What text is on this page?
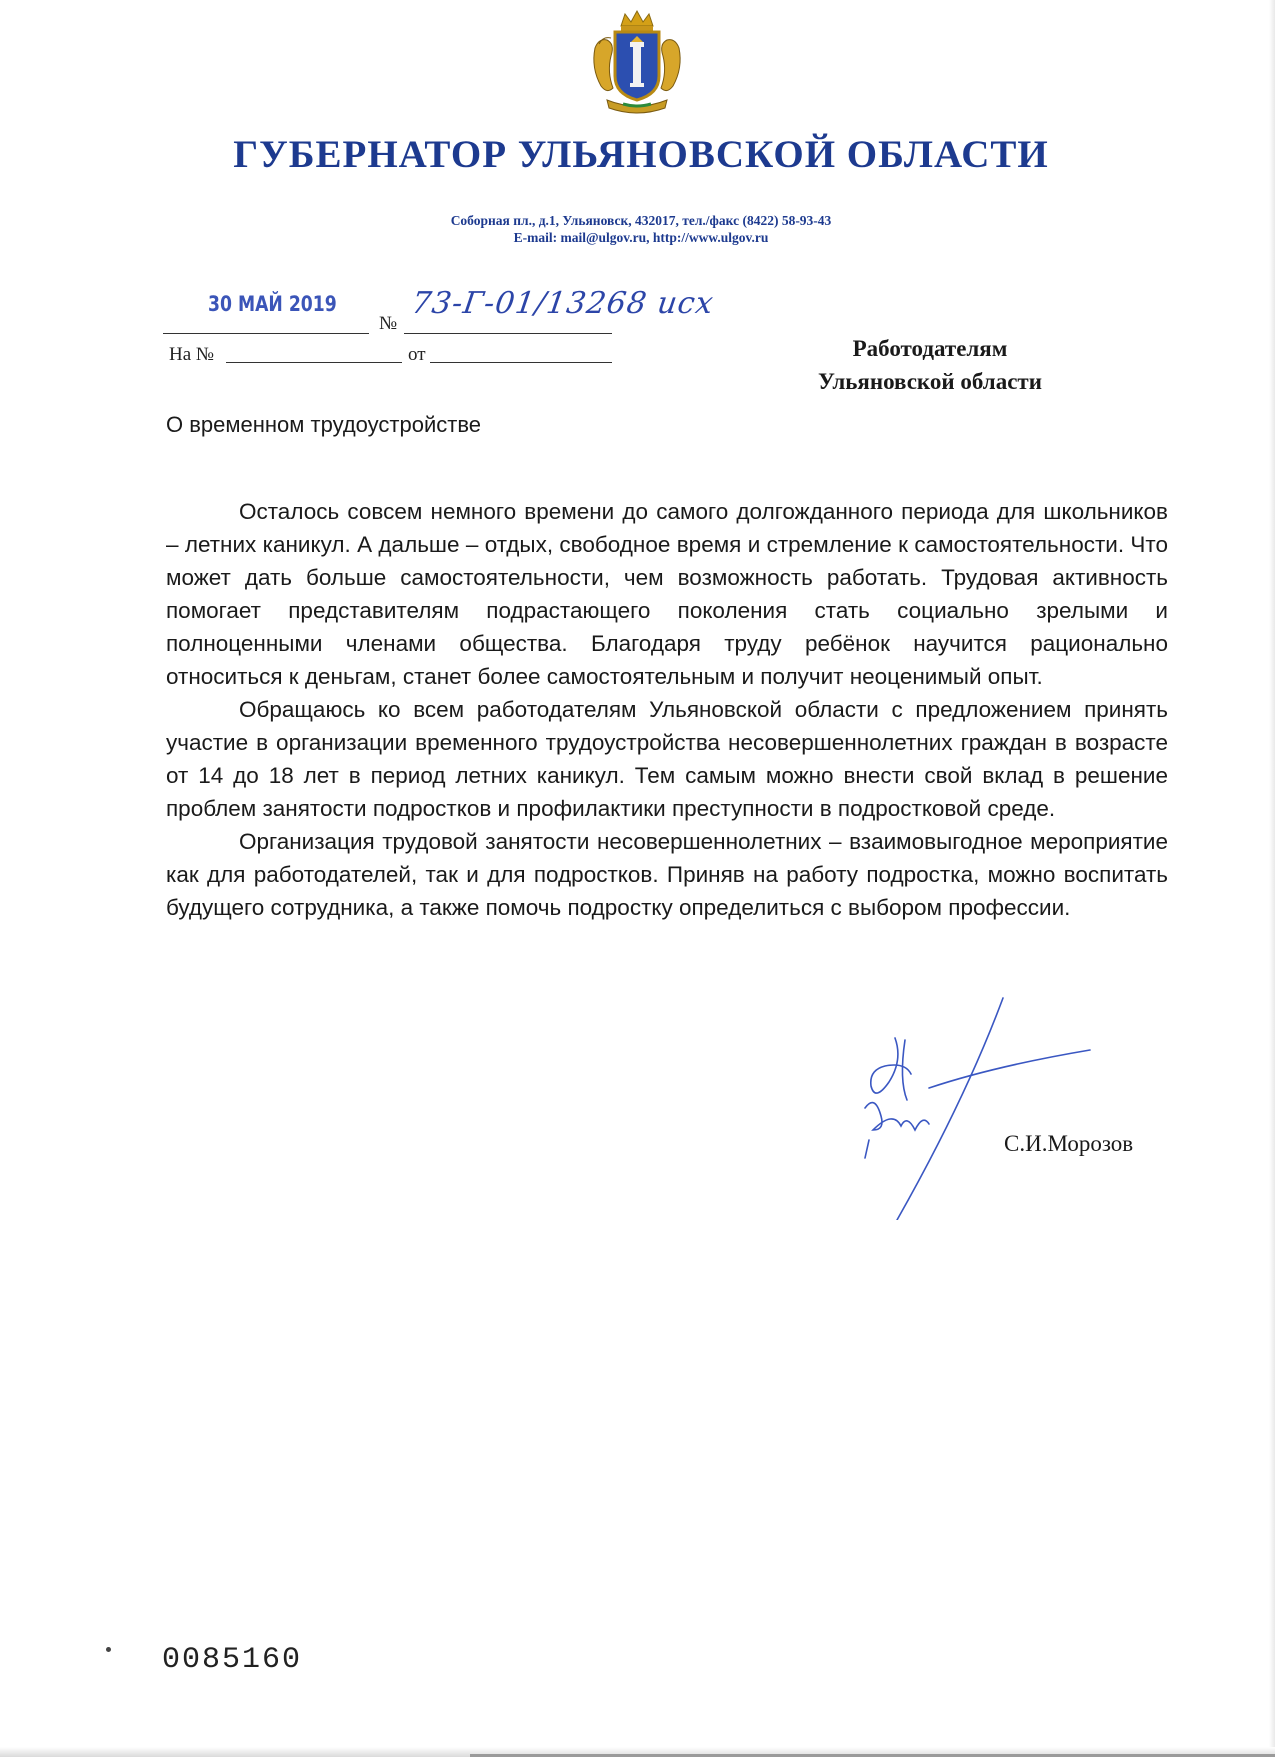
ГУБЕРНАТОР УЛЬЯНОВСКОЙ ОБЛАСТИ
Соборная пл., д.1, Ульяновск, 432017, тел./факс (8422) 58-93-43
E-mail: mail@ulgov.ru, http://www.ulgov.ru
30 МАЙ 2019
№
73-Г-01/13268 исх
На №	от	Работодателям
Ульяновской области
О временном трудоустройстве

Осталось совсем немного времени до самого долгожданного периода для школьников – летних каникул. А дальше – отдых, свободное время и стремление к самостоятельности. Что может дать больше самостоятельности, чем возможность работать. Трудовая активность помогает представителям подрастающего поколения стать социально зрелыми и полноценными членами общества. Благодаря труду ребёнок научится рационально относиться к деньгам, станет более самостоятельным и получит неоценимый опыт.

Обращаюсь ко всем работодателям Ульяновской области с предложением принять участие в организации временного трудоустройства несовершеннолетних граждан в возрасте от 14 до 18 лет в период летних каникул. Тем самым можно внести свой вклад в решение проблем занятости подростков и профилактики преступности в подростковой среде.

Организация трудовой занятости несовершеннолетних – взаимовыгодное мероприятие как для работодателей, так и для подростков. Приняв на работу подростка, можно воспитать будущего сотрудника, а также помочь подростку определиться с выбором профессии.

С.И.Морозов
0085160
